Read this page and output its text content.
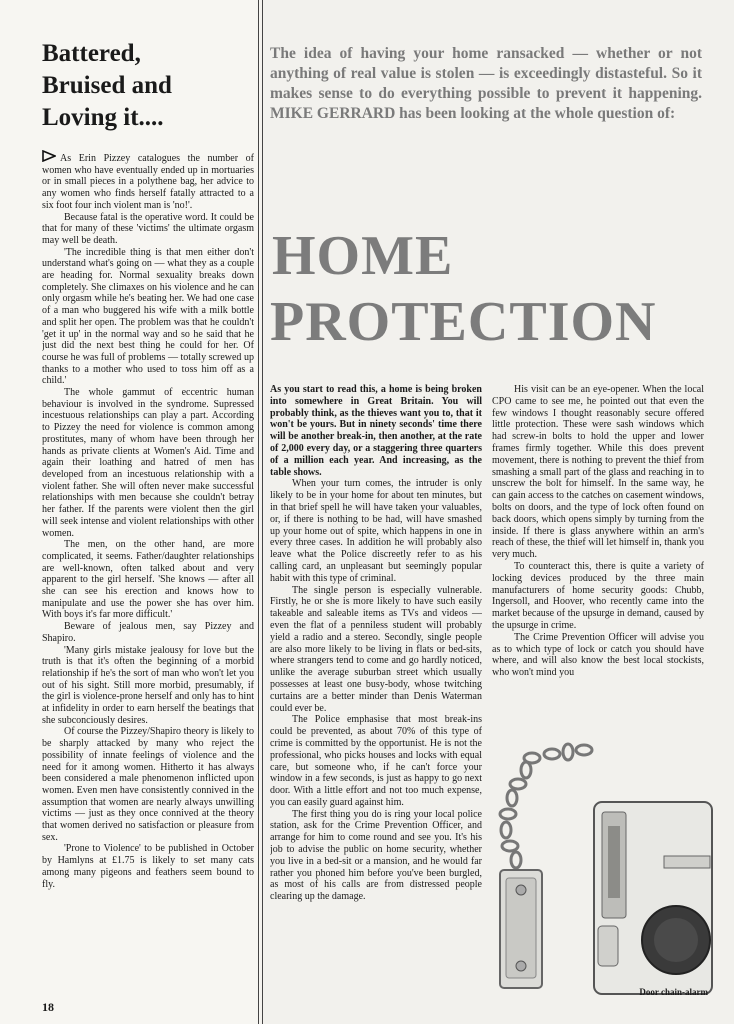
Battered,
Bruised and
Loving it....

As Erin Pizzey catalogues the number of women who have eventually ended up in mortuaries or in small pieces in a polythene bag, her advice to any women who finds herself fatally attracted to a six foot four inch violent man is 'no!'.

Because fatal is the operative word. It could be that for many of these 'victims' the ultimate orgasm may well be death.

'The incredible thing is that men either don't understand what's going on — what they as a couple are heading for. Normal sexuality breaks down completely. She climaxes on his violence and he can only orgasm while he's beating her. We had one case of a man who buggered his wife with a milk bottle and split her open. The problem was that he couldn't 'get it up' in the normal way and so he said that he just did the next best thing he could for her. Of course he was full of problems — totally screwed up thanks to a mother who used to toss him off as a child.'

The whole gammut of eccentric human behaviour is involved in the syndrome. Supressed incestuous relationships can play a part. According to Pizzey the need for violence is common among prostitutes, many of whom have been through her hands as private clients at Women's Aid. Time and again their loathing and hatred of men has developed from an incestuous relationship with a violent father. She will often never make successful relationships with men because she couldn't betray her father. If the parents were violent then the girl will seek intense and violent relationships with other women.

The men, on the other hand, are more complicated, it seems. Father/daughter relationships are well-known, often talked about and very apparent to the girl herself. 'She knows — after all she can see his erection and knows how to manipulate and use the power she has over him. With boys it's far more difficult.'

Beware of jealous men, say Pizzey and Shapiro.

'Many girls mistake jealousy for love but the truth is that it's often the beginning of a morbid relationship if he's the sort of man who won't let you out of his sight. Still more morbid, presumably, if the girl is violence-prone herself and only has to hint at infidelity in order to earn herself the beatings that she subconciously desires.

Of course the Pizzey/Shapiro theory is likely to be sharply attacked by many who reject the possibility of innate feelings of violence and the need for it among women. Hitherto it has always been considered a male phenomenon inflicted upon women. Even men have consistently connived in the assumption that women are nearly always unwilling victims — just as they once connived at the theory that women derived no satisfaction or pleasure from sex.

'Prone to Violence' to be published in October by Hamlyns at £1.75 is likely to set many cats among many pigeons and feathers seem bound to fly.

18

The idea of having your home ransacked — whether or not anything of real value is stolen — is exceedingly distasteful. So it makes sense to do everything possible to prevent it happening. MIKE GERRARD has been looking at the whole question of:

HOME

PROTECTION

As you start to read this, a home is being broken into somewhere in Great Britain. You will probably think, as the thieves want you to, that it won't be yours. But in ninety seconds' time there will be another break-in, then another, at the rate of 2,000 every day, or a staggering three quarters of a million each year. And increasing, as the table shows.

When your turn comes, the intruder is only likely to be in your home for about ten minutes, but in that brief spell he will have taken your valuables, or, if there is nothing to be had, will have smashed up your home out of spite, which happens in one in every three cases. In addition he will probably also leave what the Police discreetly refer to as his calling card, an unpleasant but seemingly popular habit with this type of criminal.

The single person is especially vulnerable. Firstly, he or she is more likely to have such easily takeable and saleable items as TVs and videos — even the flat of a penniless student will probably yield a radio and a stereo. Secondly, single people are also more likely to be living in flats or bed-sits, where strangers tend to come and go hardly noticed, unlike the average suburban street which usually possesses at least one busy-body, whose twitching curtains are a better minder than Denis Waterman could ever be.

The Police emphasise that most break-ins could be prevented, as about 70% of this type of crime is committed by the opportunist. He is not the professional, who picks houses and locks with equal care, but someone who, if he can't force your window in a few seconds, is just as happy to go next door. With a little effort and not too much expense, you can easily guard against him.

The first thing you do is ring your local police station, ask for the Crime Prevention Officer, and arrange for him to come round and see you. It's his job to advise the public on home security, whether you live in a bed-sit or a mansion, and he would far rather you phoned him before you've been burgled, as most of his calls are from distressed people clearing up the damage.

His visit can be an eye-opener. When the local CPO came to see me, he pointed out that even the few windows I thought reasonably secure offered little protection. These were sash windows which had screw-in bolts to hold the upper and lower frames firmly together. While this does prevent movement, there is nothing to prevent the thief from smashing a small part of the glass and reaching in to unscrew the bolt for himself. In the same way, he can gain access to the catches on casement windows, bolts on doors, and the type of lock often found on back doors, which opens simply by turning from the inside. If there is glass anywhere within an arm's reach of these, the thief will let himself in, thank you very much.

To counteract this, there is quite a variety of locking devices produced by the three main manufacturers of home security goods: Chubb, Ingersoll, and Hoover, who recently came into the market because of the upsurge in demand, caused by the upsurge in crime.

The Crime Prevention Officer will advise you as to which type of lock or catch you should have where, and will also know the best local stockists, who won't mind you

Door chain-alarm
